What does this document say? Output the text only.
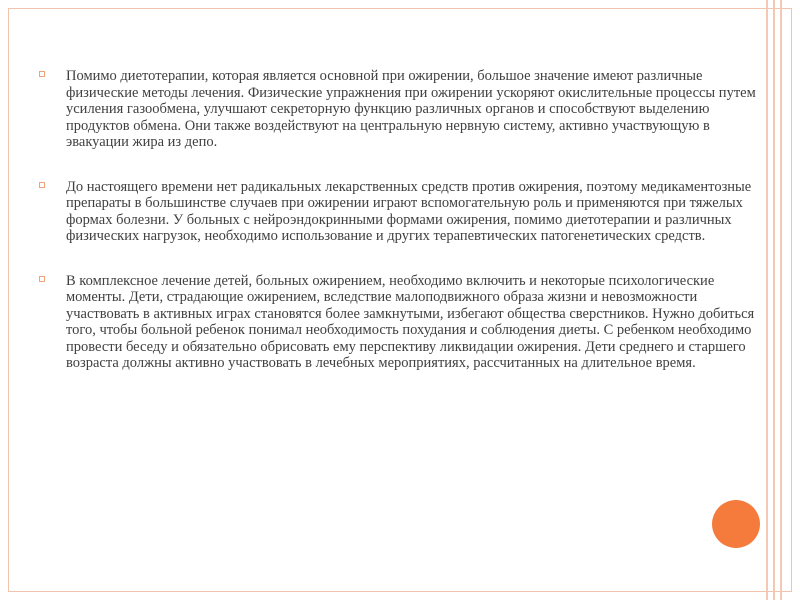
Помимо диетотерапии, которая является основной при ожирении, большое значение имеют различные физические методы лечения. Физические упражнения при ожирении ускоряют окислительные процессы путем усиления газообмена, улучшают секреторную функцию различных органов и способствуют выделению продуктов обмена. Они также воздействуют на центральную нервную систему, активно участвующую в эвакуации жира из депо.

До настоящего времени нет радикальных лекарственных средств против ожирения, поэтому медикаментозные препараты в большинстве случаев при ожирении играют вспомогательную роль и применяются при тяжелых формах болезни. У больных с нейроэндокринными формами ожирения, помимо диетотерапии и различных физических нагрузок, необходимо использование и других терапевтических патогенетических средств.

В комплексное лечение детей, больных ожирением, необходимо включить и некоторые психологические моменты. Дети, страдающие ожирением, вследствие малоподвижного образа жизни и невозможности участвовать в активных играх становятся более замкнутыми, избегают общества сверстников. Нужно добиться того, чтобы больной ребенок понимал необходимость похудания и соблюдения диеты. С ребенком необходимо провести беседу и обязательно обрисовать ему перспективу ликвидации ожирения. Дети среднего и старшего возраста должны активно участвовать в лечебных мероприятиях, рассчитанных на длительное время.
